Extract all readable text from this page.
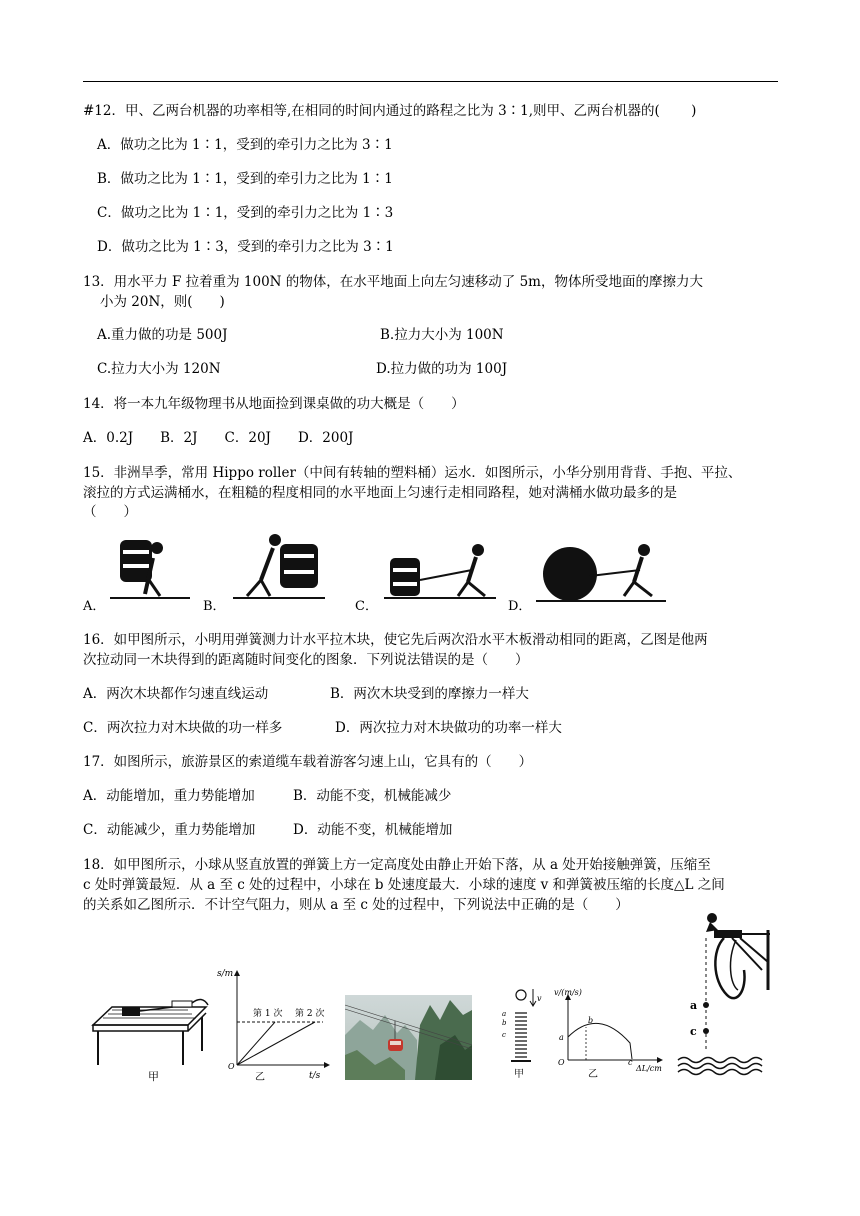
#12．甲、乙两台机器的功率相等,在相同的时间内通过的路程之比为 3∶1,则甲、乙两台机器的(　　 )
A．做功之比为 1∶1，受到的牵引力之比为 3∶1
B．做功之比为 1∶1，受到的牵引力之比为 1∶1
C．做功之比为 1∶1，受到的牵引力之比为 1∶3
D．做功之比为 1∶3，受到的牵引力之比为 3∶1
13．用水平力 F 拉着重为 100N 的物体，在水平地面上向左匀速移动了 5m，物体所受地面的摩擦力大
小为 20N，则(　　)
A.重力做的功是 500J	B.拉力大小为 100N
C.拉力大小为 120N	D.拉力做的功为 100J
14．将一本九年级物理书从地面捡到课桌做的功大概是（　　）
A．0.2J　　B．2J　　C．20J　　D．200J
15．非洲旱季，常用 Hippo roller（中间有转轴的塑料桶）运水．如图所示，小华分别用背背、手抱、平拉、
滚拉的方式运满桶水，在粗糙的程度相同的水平地面上匀速行走相同路程，她对满桶水做功最多的是
（　　）
A．	B．	C．	D．
16．如甲图所示，小明用弹簧测力计水平拉木块，使它先后两次沿水平木板滑动相同的距离，乙图是他两
次拉动同一木块得到的距离随时间变化的图象．下列说法错误的是（　　）
A．两次木块都作匀速直线运动	B．两次木块受到的摩擦力一样大
C．两次拉力对木块做的功一样多	D．两次拉力对木块做功的功率一样大
17．如图所示，旅游景区的索道缆车载着游客匀速上山，它具有的（　　）
A．动能增加，重力势能增加	B．动能不变，机械能减少
C．动能减少，重力势能增加	D．动能不变，机械能增加
18．如甲图所示，小球从竖直放置的弹簧上方一定高度处由静止开始下落，从 a 处开始接触弹簧，压缩至
c 处时弹簧最短．从 a 至 c 处的过程中，小球在 b 处速度最大．小球的速度 v 和弹簧被压缩的长度△L 之间
的关系如乙图所示．不计空气阻力，则从 a 至 c 处的过程中，下列说法中正确的是（　　）
甲
s/m
t/s
O
第 1 次 第 2 次
乙
v
a
b
c
甲
v/(m/s)
ΔL/cm
O
a
b
c
乙
a
c
